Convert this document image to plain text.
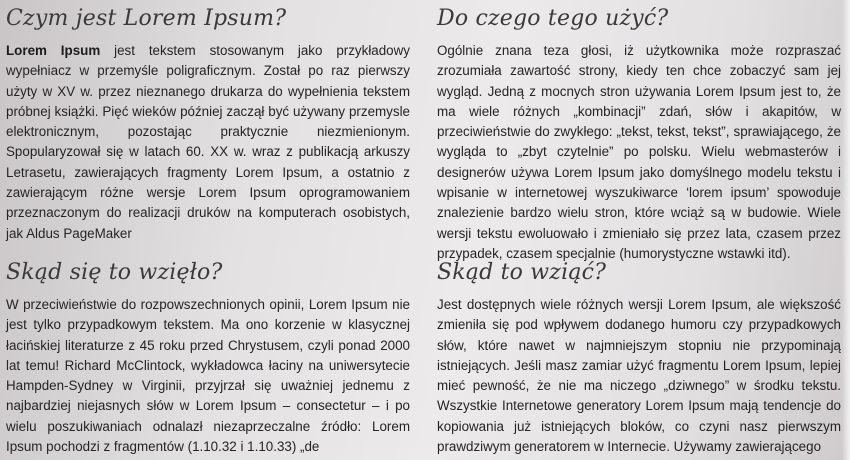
Czym jest Lorem Ipsum?

Lorem Ipsum jest tekstem stosowanym jako przykładowy wypełniacz w przemyśle poligraficznym. Został po raz pierwszy użyty w XV w. przez nieznanego drukarza do wypełnienia tekstem próbnej książki. Pięć wieków później zaczął być używany przemysle elektronicznym, pozostając praktycznie niezmienionym. Spopularyzował się w latach 60. XX w. wraz z publikacją arkuszy Letrasetu, zawierających fragmenty Lorem Ipsum, a ostatnio z zawierającym różne wersje Lorem Ipsum oprogramowaniem przeznaczonym do realizacji druków na komputerach osobistych, jak Aldus PageMaker

Do czego tego użyć?

Ogólnie znana teza głosi, iż użytkownika może rozpraszać zrozumiała zawartość strony, kiedy ten chce zobaczyć sam jej wygląd. Jedną z mocnych stron używania Lorem Ipsum jest to, że ma wiele różnych „kombinacji” zdań, słów i akapitów, w przeciwieństwie do zwykłego: „tekst, tekst, tekst”, sprawiającego, że wygląda to „zbyt czytelnie” po polsku. Wielu webmasterów i designerów używa Lorem Ipsum jako domyślnego modelu tekstu i wpisanie w internetowej wyszukiwarce ‘lorem ipsum’ spowoduje znalezienie bardzo wielu stron, które wciąż są w budowie. Wiele wersji tekstu ewoluowało i zmieniało się przez lata, czasem przez przypadek, czasem specjalnie (humorystyczne wstawki itd).

Skąd się to wzięło?

W przeciwieństwie do rozpowszechnionych opinii, Lorem Ipsum nie jest tylko przypadkowym tekstem. Ma ono korzenie w klasycznej łacińskiej literaturze z 45 roku przed Chrystusem, czyli ponad 2000 lat temu! Richard McClintock, wykładowca łaciny na uniwersytecie Hampden-Sydney w Virginii, przyjrzał się uważniej jednemu z najbardziej niejasnych słów w Lorem Ipsum – consectetur – i po wielu poszukiwaniach odnalazł niezaprzeczalne źródło: Lorem Ipsum pochodzi z fragmentów (1.10.32 i 1.10.33) „de

Skąd to wziąć?

Jest dostępnych wiele różnych wersji Lorem Ipsum, ale większość zmieniła się pod wpływem dodanego humoru czy przypadkowych słów, które nawet w najmniejszym stopniu nie przypominają istniejących. Jeśli masz zamiar użyć fragmentu Lorem Ipsum, lepiej mieć pewność, że nie ma niczego „dziwnego” w środku tekstu. Wszystkie Internetowe generatory Lorem Ipsum mają tendencje do kopiowania już istniejących bloków, co czyni nasz pierwszym prawdziwym generatorem w Internecie. Używamy zawierającego
